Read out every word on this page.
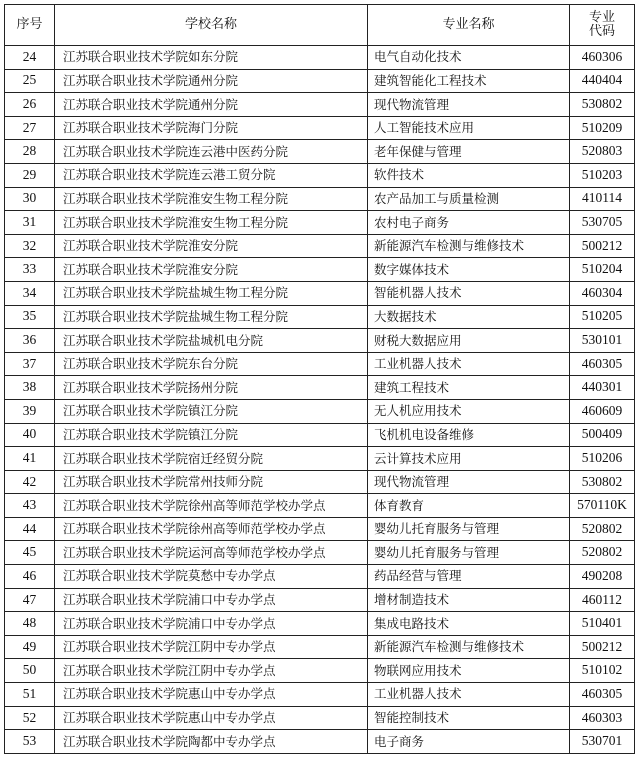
序号	学校名称	专业名称	专业
代码

24	江苏联合职业技术学院如东分院	电气自动化技术	460306
25	江苏联合职业技术学院通州分院	建筑智能化工程技术	440404
26	江苏联合职业技术学院通州分院	现代物流管理	530802
27	江苏联合职业技术学院海门分院	人工智能技术应用	510209
28	江苏联合职业技术学院连云港中医药分院	老年保健与管理	520803
29	江苏联合职业技术学院连云港工贸分院	软件技术	510203
30	江苏联合职业技术学院淮安生物工程分院	农产品加工与质量检测	410114
31	江苏联合职业技术学院淮安生物工程分院	农村电子商务	530705
32	江苏联合职业技术学院淮安分院	新能源汽车检测与维修技术	500212
33	江苏联合职业技术学院淮安分院	数字媒体技术	510204
34	江苏联合职业技术学院盐城生物工程分院	智能机器人技术	460304
35	江苏联合职业技术学院盐城生物工程分院	大数据技术	510205
36	江苏联合职业技术学院盐城机电分院	财税大数据应用	530101
37	江苏联合职业技术学院东台分院	工业机器人技术	460305
38	江苏联合职业技术学院扬州分院	建筑工程技术	440301
39	江苏联合职业技术学院镇江分院	无人机应用技术	460609
40	江苏联合职业技术学院镇江分院	飞机机电设备维修	500409
41	江苏联合职业技术学院宿迁经贸分院	云计算技术应用	510206
42	江苏联合职业技术学院常州技师分院	现代物流管理	530802
43	江苏联合职业技术学院徐州高等师范学校办学点	体育教育	570110K
44	江苏联合职业技术学院徐州高等师范学校办学点	婴幼儿托育服务与管理	520802
45	江苏联合职业技术学院运河高等师范学校办学点	婴幼儿托育服务与管理	520802
46	江苏联合职业技术学院莫愁中专办学点	药品经营与管理	490208
47	江苏联合职业技术学院浦口中专办学点	增材制造技术	460112
48	江苏联合职业技术学院浦口中专办学点	集成电路技术	510401
49	江苏联合职业技术学院江阴中专办学点	新能源汽车检测与维修技术	500212
50	江苏联合职业技术学院江阴中专办学点	物联网应用技术	510102
51	江苏联合职业技术学院惠山中专办学点	工业机器人技术	460305
52	江苏联合职业技术学院惠山中专办学点	智能控制技术	460303
53	江苏联合职业技术学院陶都中专办学点	电子商务	530701
